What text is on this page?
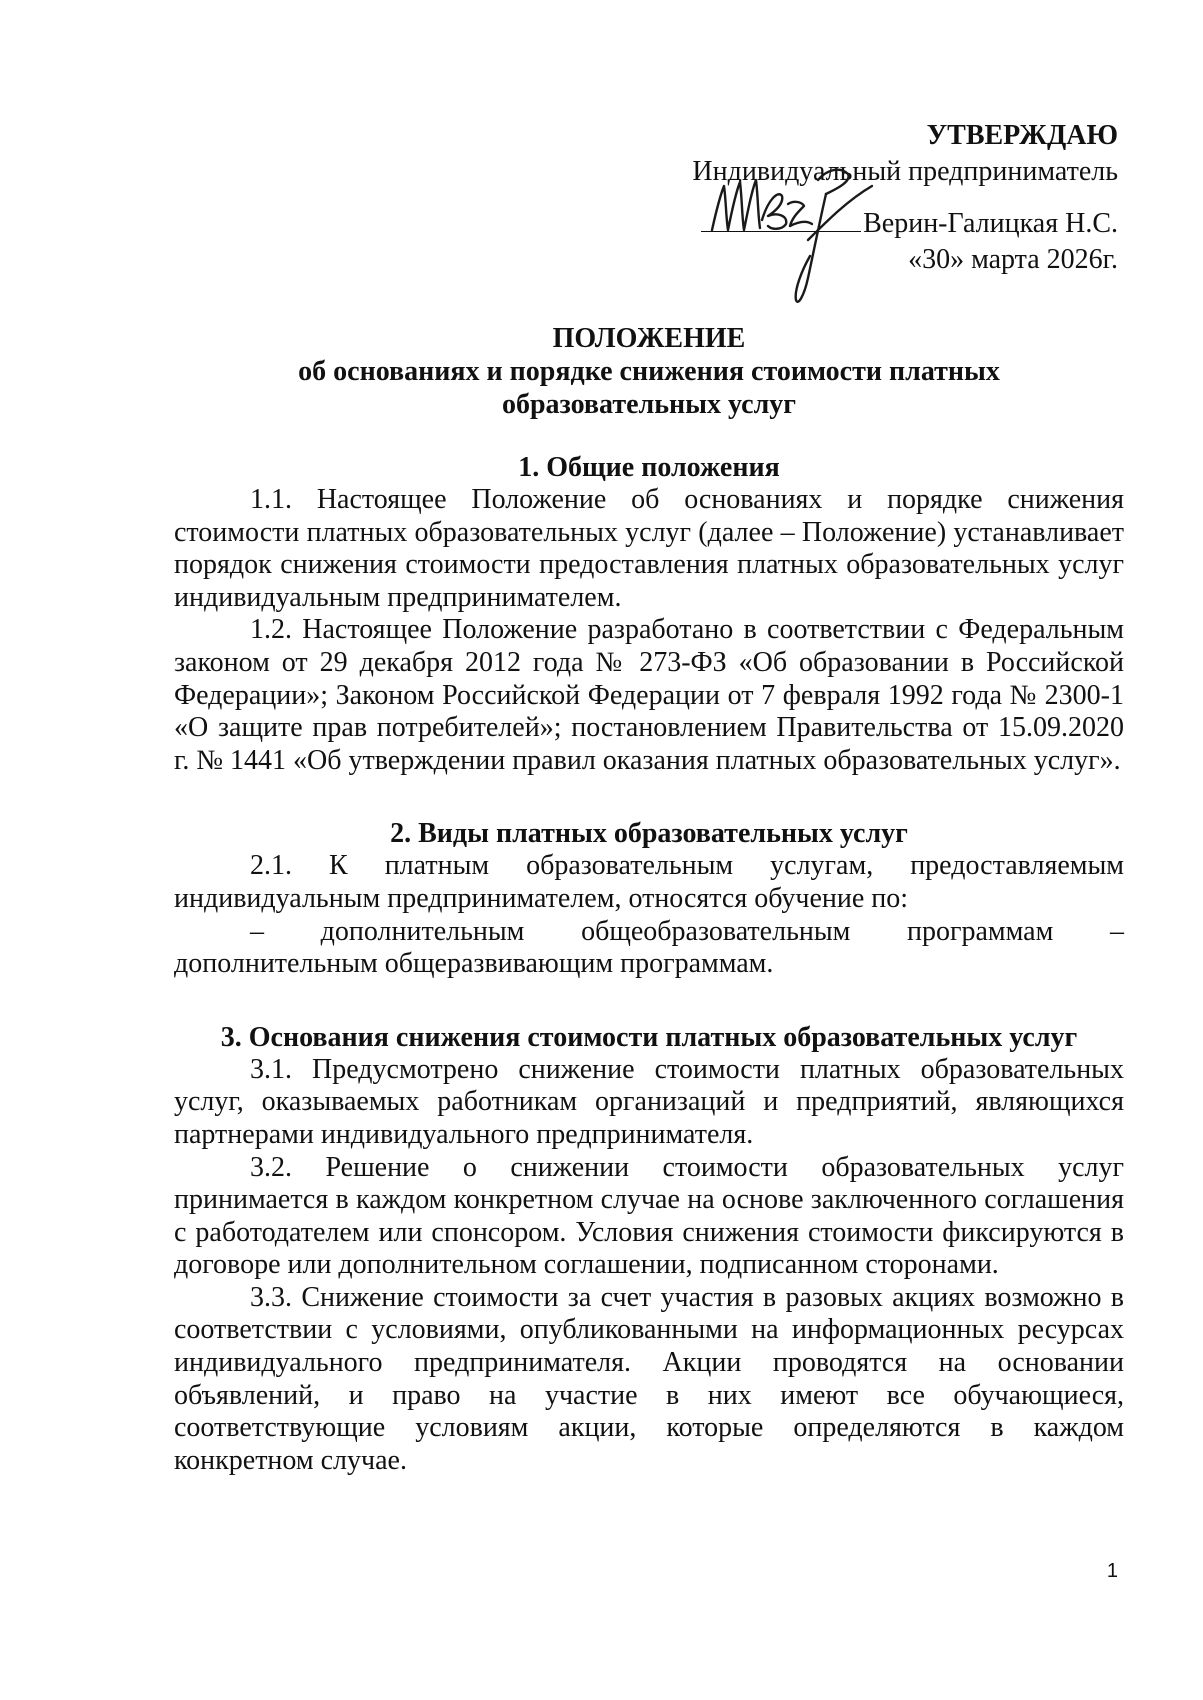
УТВЕРЖДАЮ
Индивидуальный предприниматель
Верин-Галицкая Н.С.
«30» марта 2026г.

ПОЛОЖЕНИЕ

об основаниях и порядке снижения стоимости платных

образовательных услуг

1. Общие положения

1.1. Настоящее Положение об основаниях и порядке снижения стоимости платных образовательных услуг (далее – Положение) устанавливает порядок снижения стоимости предоставления платных образовательных услуг индивидуальным предпринимателем.

1.2. Настоящее Положение разработано в соответствии с Федеральным законом от 29 декабря 2012 года № 273-ФЗ «Об образовании в Российской Федерации»; Законом Российской Федерации от 7 февраля 1992 года № 2300-1 «О защите прав потребителей»; постановлением Правительства от 15.09.2020 г. № 1441 «Об утверждении правил оказания платных образовательных услуг».

2. Виды платных образовательных услуг

2.1. К платным образовательным услугам, предоставляемым индивидуальным предпринимателем, относятся обучение по:

– дополнительным общеобразовательным программам – дополнительным общеразвивающим программам.

3. Основания снижения стоимости платных образовательных услуг

3.1. Предусмотрено снижение стоимости платных образовательных услуг, оказываемых работникам организаций и предприятий, являющихся партнерами индивидуального предпринимателя.

3.2. Решение о снижении стоимости образовательных услуг принимается в каждом конкретном случае на основе заключенного соглашения с работодателем или спонсором. Условия снижения стоимости фиксируются в договоре или дополнительном соглашении, подписанном сторонами.

3.3. Снижение стоимости за счет участия в разовых акциях возможно в соответствии с условиями, опубликованными на информационных ресурсах индивидуального предпринимателя. Акции проводятся на основании объявлений, и право на участие в них имеют все обучающиеся, соответствующие условиям акции, которые определяются в каждом конкретном случае.

1
